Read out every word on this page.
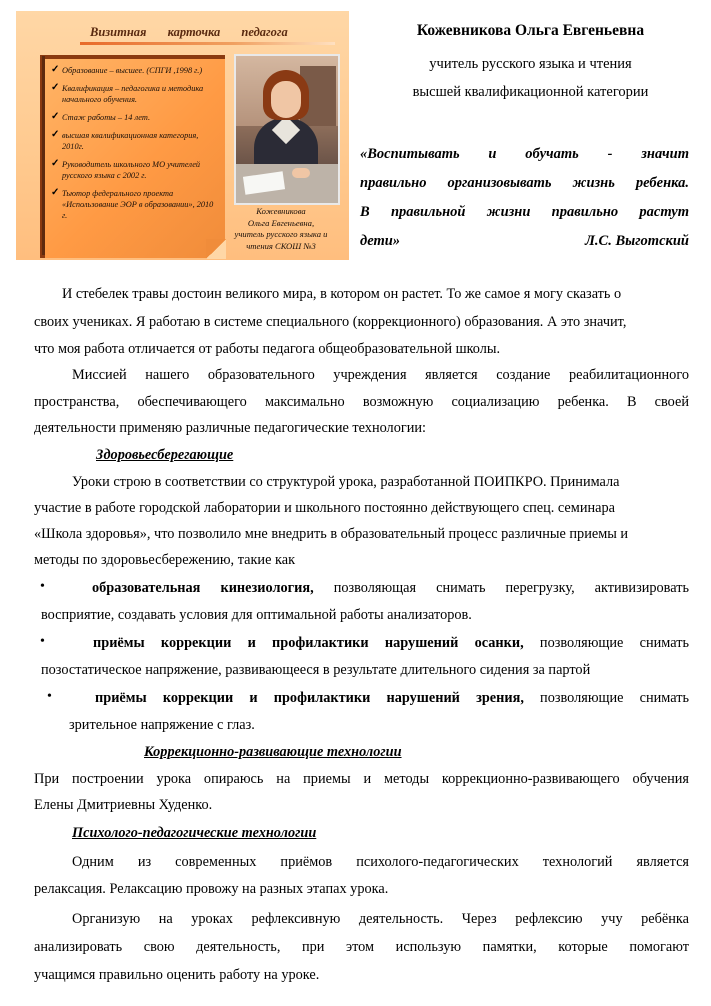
Визитная карточка педагога
✓ Образование – высшее. (СПГИ ,1998 г.)
✓ Квалификация – педагогика и методика начального обучения.
✓ Стаж работы – 14 лет.
✓ высшая квалификационная категория, 2010г.
✓ Руководитель школьного МО учителей русского языка с 2002 г.
✓ Тьютор федерального проекта «Использование ЭОР в образовании», 2010 г.	Кожевникова
Ольга Евгеньевна,
учитель русского языка и
чтения СКОШ №3
Кожевникова Ольга Евгеньевна
учитель русского языка и чтения
высшей квалификационной категории
«Воспитывать и обучать - значит
правильно организовывать жизнь ребенка.
В правильной жизни правильно растут
дети»	Л.С. Выготский
И стебелек травы достоин великого мира, в котором он растет. То же самое я могу сказать о
своих учениках. Я работаю в системе специального (коррекционного) образования. А это значит,
что моя работа отличается от работы педагога общеобразовательной школы.
Миссией нашего образовательного учреждения является создание реабилитационного
пространства, обеспечивающего максимально возможную социализацию ребенка. В своей
деятельности применяю различные педагогические технологии:
Здоровьесберегающие
Уроки строю в соответствии со структурой урока, разработанной ПОИПКРО. Принимала
участие в работе городской лаборатории и школьного постоянно действующего спец. семинара
«Школа здоровья», что позволило мне внедрить в образовательный процесс различные приемы и
методы по здоровьесбережению, такие как
•	образовательная кинезиология, позволяющая снимать перегрузку, активизировать
восприятие, создавать условия для оптимальной работы анализаторов.
•	приёмы коррекции и профилактики нарушений осанки, позволяющие снимать
позостатическое напряжение, развивающееся в результате длительного сидения за партой
•	приёмы коррекции и профилактики нарушений зрения, позволяющие снимать
зрительное напряжение с глаз.
Коррекционно-развивающие технологии
При построении урока опираюсь на приемы и методы коррекционно-развивающего обучения
Елены Дмитриевны Худенко.
Психолого-педагогические технологии
Одним из современных приёмов психолого-педагогических технологий является
релаксация. Релаксацию провожу на разных этапах урока.
Организую на уроках рефлексивную деятельность. Через рефлексию учу ребёнка
анализировать свою деятельность, при этом использую памятки, которые помогают
учащимся правильно оценить работу на уроке.
